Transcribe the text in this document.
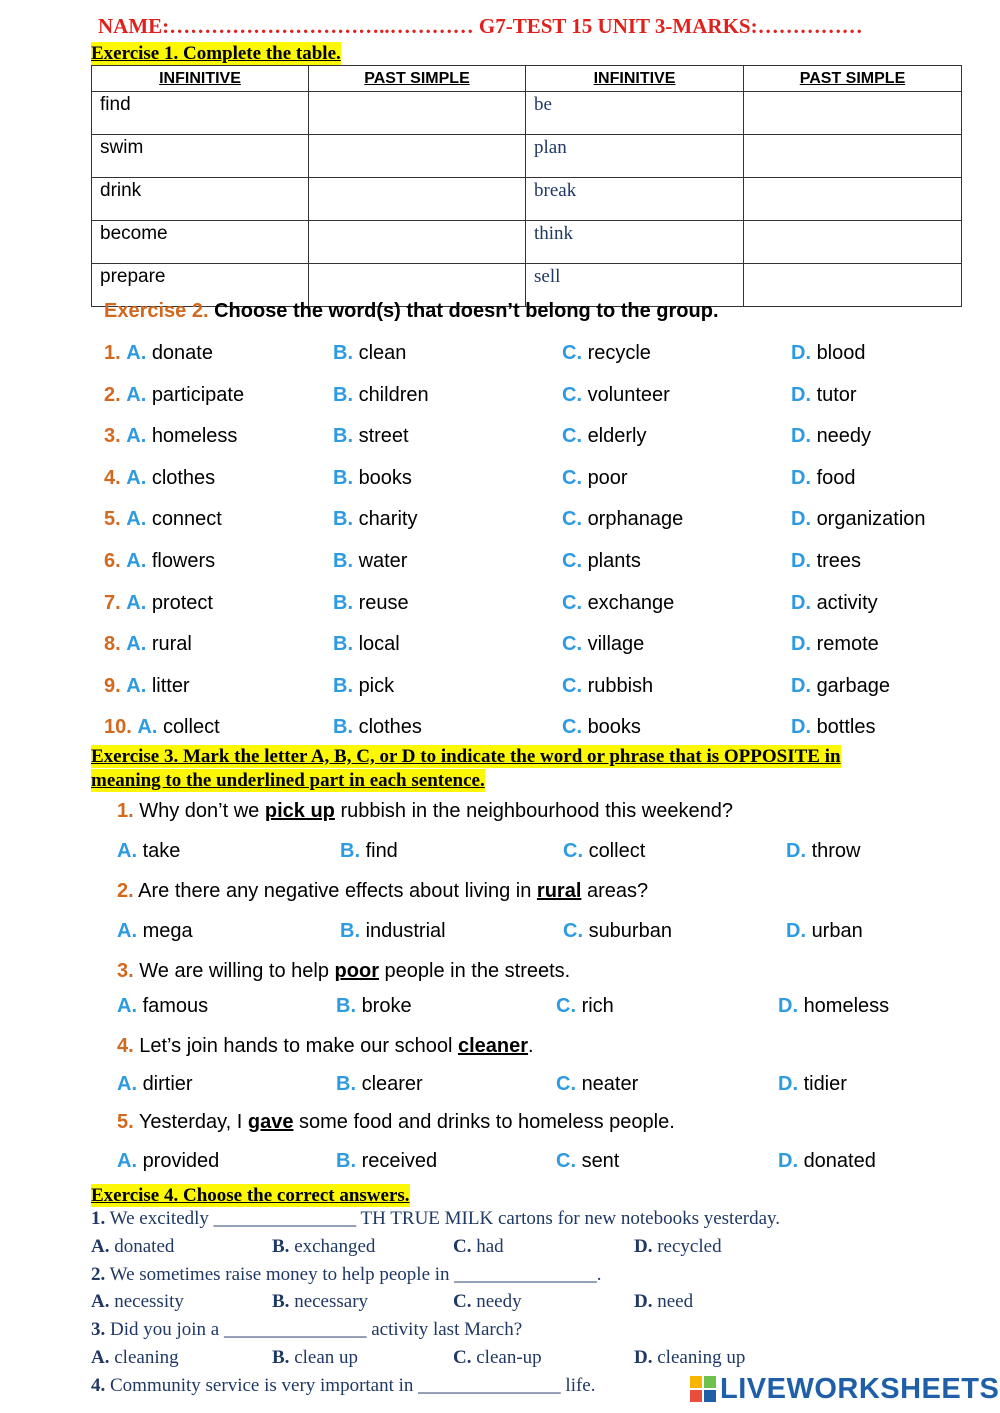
NAME:…………………………..………… G7-TEST 15 UNIT 3-MARKS:……………
Exercise 1. Complete the table.
INFINITIVE	PAST SIMPLE	INFINITIVE	PAST SIMPLE
find		be	
swim		plan	
drink		break	
become		think	
prepare		sell	
Exercise 2. Choose the word(s) that doesn’t belong to the group.
1. A. donate	B. clean	C. recycle	D. blood
2. A. participate	B. children	C. volunteer	D. tutor
3. A. homeless	B. street	C. elderly	D. needy
4. A. clothes	B. books	C. poor	D. food
5. A. connect	B. charity	C. orphanage	D. organization
6. A. flowers	B. water	C. plants	D. trees
7. A. protect	B. reuse	C. exchange	D. activity
8. A. rural	B. local	C. village	D. remote
9. A. litter	B. pick	C. rubbish	D. garbage
10. A. collect	B. clothes	C. books	D. bottles
Exercise 3. Mark the letter A, B, C, or D to indicate the word or phrase that is OPPOSITE in
meaning to the underlined part in each sentence.
1. Why don’t we pick up rubbish in the neighbourhood this weekend?
A. take	B. find	C. collect	D. throw
2. Are there any negative effects about living in rural areas?
A. mega	B. industrial	C. suburban	D. urban
3. We are willing to help poor people in the streets.
A. famous	B. broke	C. rich	D. homeless
4. Let’s join hands to make our school cleaner.
A. dirtier	B. clearer	C. neater	D. tidier
5. Yesterday, I gave some food and drinks to homeless people.
A. provided	B. received	C. sent	D. donated
Exercise 4. Choose the correct answers.
1. We excitedly _______________ TH TRUE MILK cartons for new notebooks yesterday.
A. donated	B. exchanged	C. had	D. recycled
2. We sometimes raise money to help people in _______________.
A. necessity	B. necessary	C. needy	D. need
3. Did you join a _______________ activity last March?
A. cleaning	B. clean up	C. clean-up	D. cleaning up
4. Community service is very important in _______________ life.	LIVEWORKSHEETS
